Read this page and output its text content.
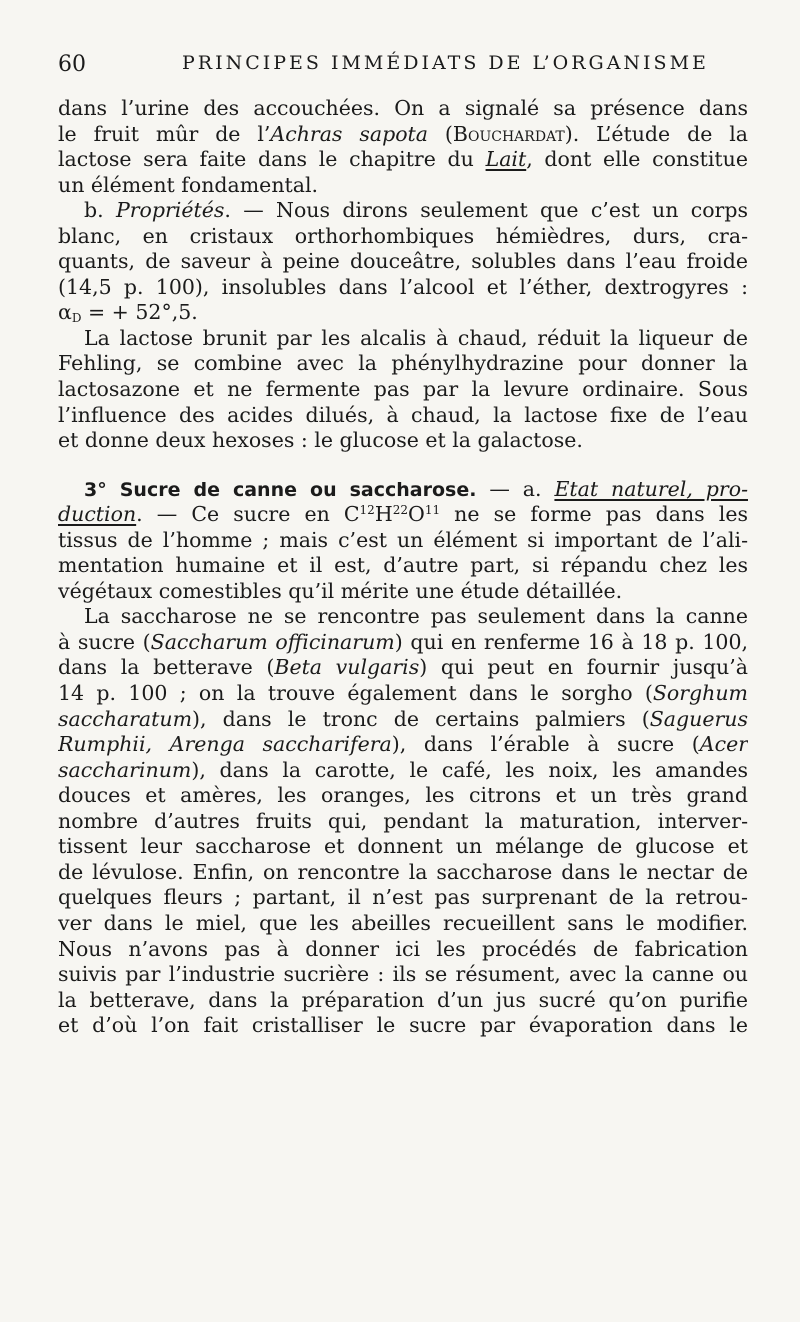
60	PRINCIPES IMMÉDIATS DE L’ORGANISME
dans l’urine des accouchées. On a signalé sa présence dans
le fruit mûr de l’Achras sapota (Bouchardat). L’étude de la
lactose sera faite dans le chapitre du Lait, dont elle constitue
un élément fondamental.
b. Propriétés. — Nous dirons seulement que c’est un corps
blanc, en cristaux orthorhombiques hémièdres, durs, cra-
quants, de saveur à peine douceâtre, solubles dans l’eau froide
(14,5 p. 100), insolubles dans l’alcool et l’éther, dextrogyres :
$\alpha_D$ = + 52°,5.
La lactose brunit par les alcalis à chaud, réduit la liqueur de
Fehling, se combine avec la phénylhydrazine pour donner la
lactosazone et ne fermente pas par la levure ordinaire. Sous
l’influence des acides dilués, à chaud, la lactose fixe de l’eau
et donne deux hexoses : le glucose et la galactose.
3° Sucre de canne ou saccharose. — a. Etat naturel, pro-
duction. — Ce sucre en $C^{12}H^{22}O^{11}$ ne se forme pas dans les
tissus de l’homme ; mais c’est un élément si important de l’ali-
mentation humaine et il est, d’autre part, si répandu chez les
végétaux comestibles qu’il mérite une étude détaillée.
La saccharose ne se rencontre pas seulement dans la canne
à sucre (Saccharum officinarum) qui en renferme 16 à 18 p. 100,
dans la betterave (Beta vulgaris) qui peut en fournir jusqu’à
14 p. 100 ; on la trouve également dans le sorgho (Sorghum
saccharatum), dans le tronc de certains palmiers (Saguerus
Rumphii, Arenga saccharifera), dans l’érable à sucre (Acer
saccharinum), dans la carotte, le café, les noix, les amandes
douces et amères, les oranges, les citrons et un très grand
nombre d’autres fruits qui, pendant la maturation, interver-
tissent leur saccharose et donnent un mélange de glucose et
de lévulose. Enfin, on rencontre la saccharose dans le nectar de
quelques fleurs ; partant, il n’est pas surprenant de la retrou-
ver dans le miel, que les abeilles recueillent sans le modifier.
Nous n’avons pas à donner ici les procédés de fabrication
suivis par l’industrie sucrière : ils se résument, avec la canne ou
la betterave, dans la préparation d’un jus sucré qu’on purifie
et d’où l’on fait cristalliser le sucre par évaporation dans le
